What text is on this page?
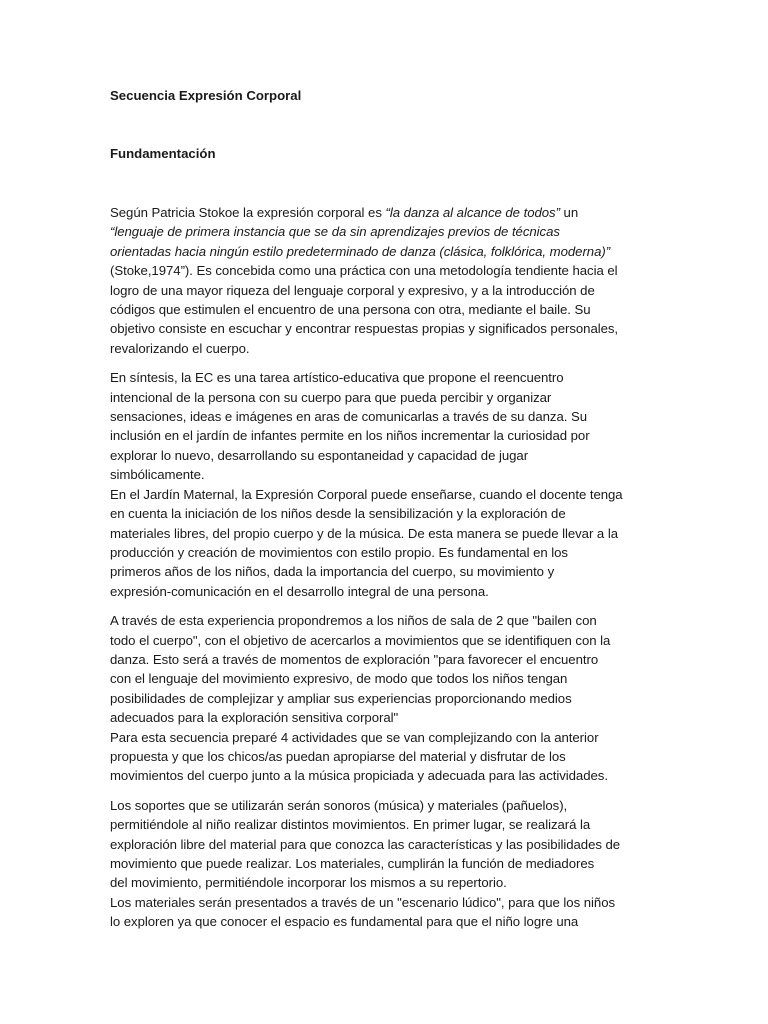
Secuencia Expresión Corporal
Fundamentación

Según Patricia Stokoe la expresión corporal es “la danza al alcance de todos” un
“lenguaje de primera instancia que se da sin aprendizajes previos de técnicas
orientadas hacia ningún estilo predeterminado de danza (clásica, folklórica, moderna)”
(Stoke,1974”). Es concebida como una práctica con una metodología tendiente hacia el
logro de una mayor riqueza del lenguaje corporal y expresivo, y a la introducción de
códigos que estimulen el encuentro de una persona con otra, mediante el baile. Su
objetivo consiste en escuchar y encontrar respuestas propias y significados personales,
revalorizando el cuerpo.

En síntesis, la EC es una tarea artístico-educativa que propone el reencuentro
intencional de la persona con su cuerpo para que pueda percibir y organizar
sensaciones, ideas e imágenes en aras de comunicarlas a través de su danza. Su
inclusión en el jardín de infantes permite en los niños incrementar la curiosidad por
explorar lo nuevo, desarrollando su espontaneidad y capacidad de jugar
simbólicamente.

En el Jardín Maternal, la Expresión Corporal puede enseñarse, cuando el docente tenga
en cuenta la iniciación de los niños desde la sensibilización y la exploración de
materiales libres, del propio cuerpo y de la música. De esta manera se puede llevar a la
producción y creación de movimientos con estilo propio. Es fundamental en los
primeros años de los niños, dada la importancia del cuerpo, su movimiento y
expresión-comunicación en el desarrollo integral de una persona.

A través de esta experiencia propondremos a los niños de sala de 2 que "bailen con
todo el cuerpo", con el objetivo de acercarlos a movimientos que se identifiquen con la
danza. Esto será a través de momentos de exploración "para favorecer el encuentro
con el lenguaje del movimiento expresivo, de modo que todos los niños tengan
posibilidades de complejizar y ampliar sus experiencias proporcionando medios
adecuados para la exploración sensitiva corporal"

Para esta secuencia preparé 4 actividades que se van complejizando con la anterior
propuesta y que los chicos/as puedan apropiarse del material y disfrutar de los
movimientos del cuerpo junto a la música propiciada y adecuada para las actividades.

Los soportes que se utilizarán serán sonoros (música) y materiales (pañuelos),
permitiéndole al niño realizar distintos movimientos. En primer lugar, se realizará la
exploración libre del material para que conozca las características y las posibilidades de
movimiento que puede realizar. Los materiales, cumplirán la función de mediadores
del movimiento, permitiéndole incorporar los mismos a su repertorio.

Los materiales serán presentados a través de un "escenario lúdico", para que los niños
lo exploren ya que conocer el espacio es fundamental para que el niño logre una
